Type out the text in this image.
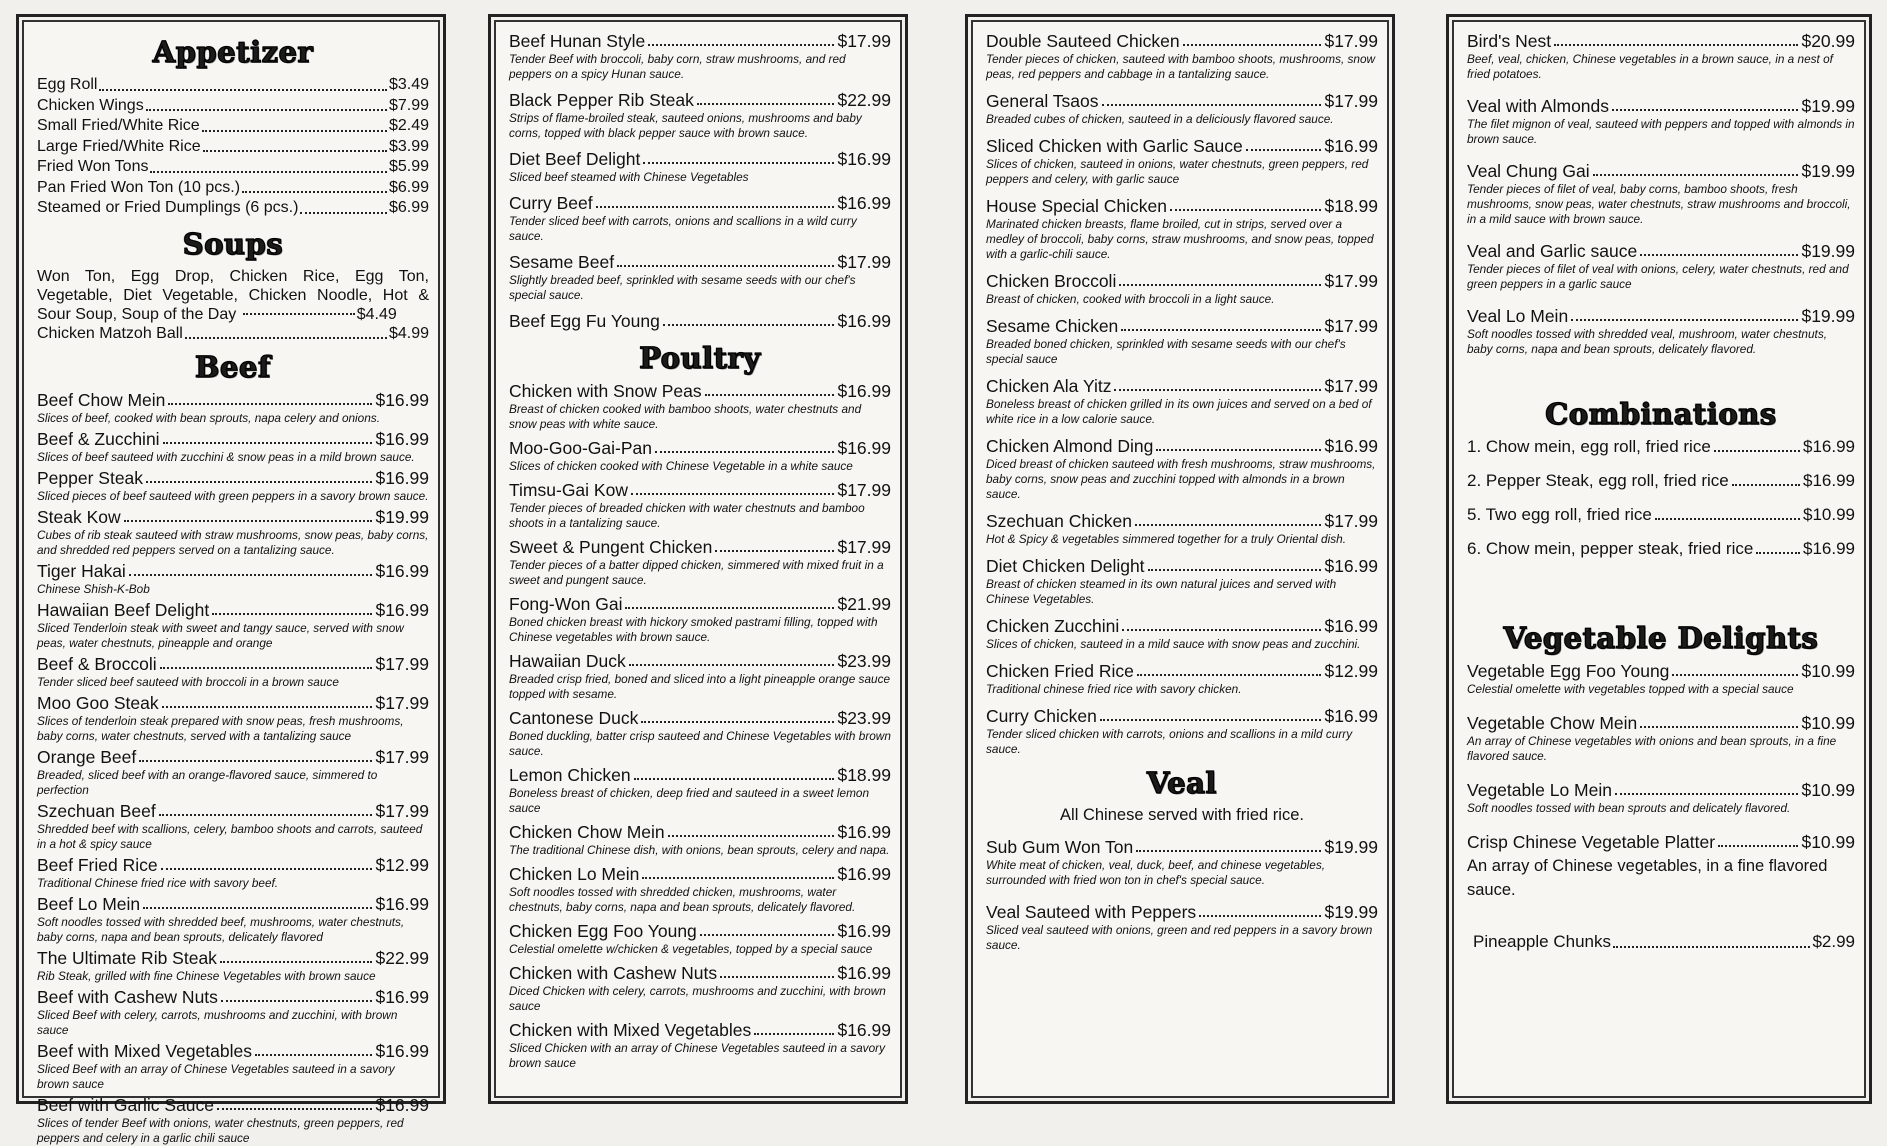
Appetizer
Egg Roll	$3.49
Chicken Wings	$7.99
Small Fried/White Rice	$2.49
Large Fried/White Rice	$3.99
Fried Won Tons	$5.99
Pan Fried Won Ton (10 pcs.)	$6.99
Steamed or Fried Dumplings (6 pcs.)	$6.99
Soups
Won Ton, Egg Drop, Chicken Rice, Egg Ton, Vegetable, Diet Vegetable, Chicken Noodle, Hot & Sour Soup, Soup of the Day	$4.49
Chicken Matzoh Ball	$4.99
Beef
Beef Chow Mein	$16.99
Slices of beef, cooked with bean sprouts, napa celery and onions.
Beef & Zucchini	$16.99
Slices of beef sauteed with zucchini & snow peas in a mild brown sauce.
Pepper Steak	$16.99
Sliced pieces of beef sauteed with green peppers in a savory brown sauce.
Steak Kow	$19.99
Cubes of rib steak sauteed with straw mushrooms, snow peas, baby corns, and shredded red peppers served on a tantalizing sauce.
Tiger Hakai	$16.99
Chinese Shish-K-Bob
Hawaiian Beef Delight	$16.99
Sliced Tenderloin steak with sweet and tangy sauce, served with snow peas, water chestnuts, pineapple and orange
Beef & Broccoli	$17.99
Tender sliced beef sauteed with broccoli in a brown sauce
Moo Goo Steak	$17.99
Slices of tenderloin steak prepared with snow peas, fresh mushrooms, baby corns, water chestnuts, served with a tantalizing sauce
Orange Beef	$17.99
Breaded, sliced beef with an orange-flavored sauce, simmered to perfection
Szechuan Beef	$17.99
Shredded beef with scallions, celery, bamboo shoots and carrots, sauteed in a hot & spicy sauce
Beef Fried Rice	$12.99
Traditional Chinese fried rice with savory beef.
Beef Lo Mein	$16.99
Soft noodles tossed with shredded beef, mushrooms, water chestnuts, baby corns, napa and bean sprouts, delicately flavored
The Ultimate Rib Steak	$22.99
Rib Steak, grilled with fine Chinese Vegetables with brown sauce
Beef with Cashew Nuts	$16.99
Sliced Beef with celery, carrots, mushrooms and zucchini, with brown sauce
Beef with Mixed Vegetables	$16.99
Sliced Beef with an array of Chinese Vegetables sauteed in a savory brown sauce
Beef with Garlic Sauce	$16.99
Slices of tender Beef with onions, water chestnuts, green peppers, red peppers and celery in a garlic chili sauce
Beef Hunan Style	$17.99
Tender Beef with broccoli, baby corn, straw mushrooms, and red peppers on a spicy Hunan sauce.
Black Pepper Rib Steak	$22.99
Strips of flame-broiled steak, sauteed onions, mushrooms and baby corns, topped with black pepper sauce with brown sauce.
Diet Beef Delight	$16.99
Sliced beef steamed with Chinese Vegetables
Curry Beef	$16.99
Tender sliced beef with carrots, onions and scallions in a wild curry sauce.
Sesame Beef	$17.99
Slightly breaded beef, sprinkled with sesame seeds with our chef's special sauce.
Beef Egg Fu Young	$16.99
Poultry
Chicken with Snow Peas	$16.99
Breast of chicken cooked with bamboo shoots, water chestnuts and snow peas with white sauce.
Moo-Goo-Gai-Pan	$16.99
Slices of chicken cooked with Chinese Vegetable in a white sauce
Timsu-Gai Kow	$17.99
Tender pieces of breaded chicken with water chestnuts and bamboo shoots in a tantalizing sauce.
Sweet & Pungent Chicken	$17.99
Tender pieces of a batter dipped chicken, simmered with mixed fruit in a sweet and pungent sauce.
Fong-Won Gai	$21.99
Boned chicken breast with hickory smoked pastrami filling, topped with Chinese vegetables with brown sauce.
Hawaiian Duck	$23.99
Breaded crisp fried, boned and sliced into a light pineapple orange sauce topped with sesame.
Cantonese Duck	$23.99
Boned duckling, batter crisp sauteed and Chinese Vegetables with brown sauce.
Lemon Chicken	$18.99
Boneless breast of chicken, deep fried and sauteed in a sweet lemon sauce
Chicken Chow Mein	$16.99
The traditional Chinese dish, with onions, bean sprouts, celery and napa.
Chicken Lo Mein	$16.99
Soft noodles tossed with shredded chicken, mushrooms, water chestnuts, baby corns, napa and bean sprouts, delicately flavored.
Chicken Egg Foo Young	$16.99
Celestial omelette w/chicken & vegetables, topped by a special sauce
Chicken with Cashew Nuts	$16.99
Diced Chicken with celery, carrots, mushrooms and zucchini, with brown sauce
Chicken with Mixed Vegetables	$16.99
Sliced Chicken with an array of Chinese Vegetables sauteed in a savory brown sauce
Double Sauteed Chicken	$17.99
Tender pieces of chicken, sauteed with bamboo shoots, mushrooms, snow peas, red peppers and cabbage in a tantalizing sauce.
General Tsaos	$17.99
Breaded cubes of chicken, sauteed in a deliciously flavored sauce.
Sliced Chicken with Garlic Sauce	$16.99
Slices of chicken, sauteed in onions, water chestnuts, green peppers, red peppers and celery, with garlic sauce
House Special Chicken	$18.99
Marinated chicken breasts, flame broiled, cut in strips, served over a medley of broccoli, baby corns, straw mushrooms, and snow peas, topped with a garlic-chili sauce.
Chicken Broccoli	$17.99
Breast of chicken, cooked with broccoli in a light sauce.
Sesame Chicken	$17.99
Breaded boned chicken, sprinkled with sesame seeds with our chef's special sauce
Chicken Ala Yitz	$17.99
Boneless breast of chicken grilled in its own juices and served on a bed of white rice in a low calorie sauce.
Chicken Almond Ding	$16.99
Diced breast of chicken sauteed with fresh mushrooms, straw mushrooms, baby corns, snow peas and zucchini topped with almonds in a brown sauce.
Szechuan Chicken	$17.99
Hot & Spicy & vegetables simmered together for a truly Oriental dish.
Diet Chicken Delight	$16.99
Breast of chicken steamed in its own natural juices and served with Chinese Vegetables.
Chicken Zucchini	$16.99
Slices of chicken, sauteed in a mild sauce with snow peas and zucchini.
Chicken Fried Rice	$12.99
Traditional chinese fried rice with savory chicken.
Curry Chicken	$16.99
Tender sliced chicken with carrots, onions and scallions in a mild curry sauce.
Veal
All Chinese served with fried rice.
Sub Gum Won Ton	$19.99
White meat of chicken, veal, duck, beef, and chinese vegetables, surrounded with fried won ton in chef's special sauce.
Veal Sauteed with Peppers	$19.99
Sliced veal sauteed with onions, green and red peppers in a savory brown sauce.
Bird's Nest	$20.99
Beef, veal, chicken, Chinese vegetables in a brown sauce, in a nest of fried potatoes.
Veal with Almonds	$19.99
The filet mignon of veal, sauteed with peppers and topped with almonds in brown sauce.
Veal Chung Gai	$19.99
Tender pieces of filet of veal, baby corns, bamboo shoots, fresh mushrooms, snow peas, water chestnuts, straw mushrooms and broccoli, in a mild sauce with brown sauce.
Veal and Garlic sauce	$19.99
Tender pieces of filet of veal with onions, celery, water chestnuts, red and green peppers in a garlic sauce
Veal Lo Mein	$19.99
Soft noodles tossed with shredded veal, mushroom, water chestnuts, baby corns, napa and bean sprouts, delicately flavored.
Combinations
1. Chow mein, egg roll, fried rice	$16.99
2. Pepper Steak, egg roll, fried rice	$16.99
5. Two egg roll, fried rice	$10.99
6. Chow mein, pepper steak, fried rice	$16.99
Vegetable Delights
Vegetable Egg Foo Young	$10.99
Celestial omelette with vegetables topped with a special sauce
Vegetable Chow Mein	$10.99
An array of Chinese vegetables with onions and bean sprouts, in a fine flavored sauce.
Vegetable Lo Mein	$10.99
Soft noodles tossed with bean sprouts and delicately flavored.
Crisp Chinese Vegetable Platter	$10.99
An array of Chinese vegetables, in a fine flavored sauce.
Pineapple Chunks	$2.99
